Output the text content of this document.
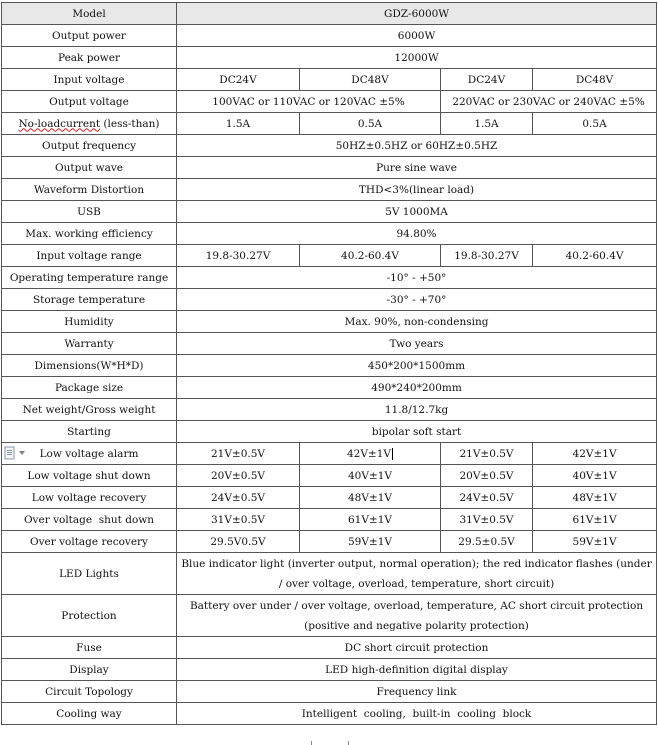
Model	GDZ-6000W			
Output power	6000W			
Peak power	12000W			
Input voltage	DC24V	DC48V	DC24V	DC48V
Output voltage	100VAC or 110VAC or 120VAC ±5%		220VAC or 230VAC or 240VAC ±5%	
No-loadcurrent (less-than)	1.5A	0.5A	1.5A	0.5A
Output frequency	50HZ±0.5HZ or 60HZ±0.5HZ			
Output wave	Pure sine wave			
Waveform Distortion	THD<3%(linear load)			
USB	5V 1000MA			
Max. working efficiency	94.80%			
Input voltage range	19.8-30.27V	40.2-60.4V	19.8-30.27V	40.2-60.4V
Operating temperature range	-10° - +50°			
Storage temperature	-30° - +70°			
Humidity	Max. 90%, non-condensing			
Warranty	Two years			
Dimensions(W*H*D)	450*200*1500mm			
Package size	490*240*200mm			
Net weight/Gross weight	11.8/12.7kg			
Starting	bipolar soft start			

Low voltage alarm	21V±0.5V	42V±1V	21V±0.5V	42V±1V
Low voltage shut down	20V±0.5V	40V±1V	20V±0.5V	40V±1V
Low voltage recovery	24V±0.5V	48V±1V	24V±0.5V	48V±1V
Over voltage  shut down	31V±0.5V	61V±1V	31V±0.5V	61V±1V
Over voltage recovery	29.5V0.5V	59V±1V	29.5±0.5V	59V±1V
LED Lights	Blue indicator light (inverter output, normal operation); the red indicator flashes (under / over voltage, overload, temperature, short circuit)			
Protection	Battery over under / over voltage, overload, temperature, AC short circuit protection (positive and negative polarity protection)			
Fuse	DC short circuit protection			
Display	LED high-definition digital display			
Circuit Topology	Frequency link			
Cooling way	Intelligent  cooling,  built-in  cooling  block			
